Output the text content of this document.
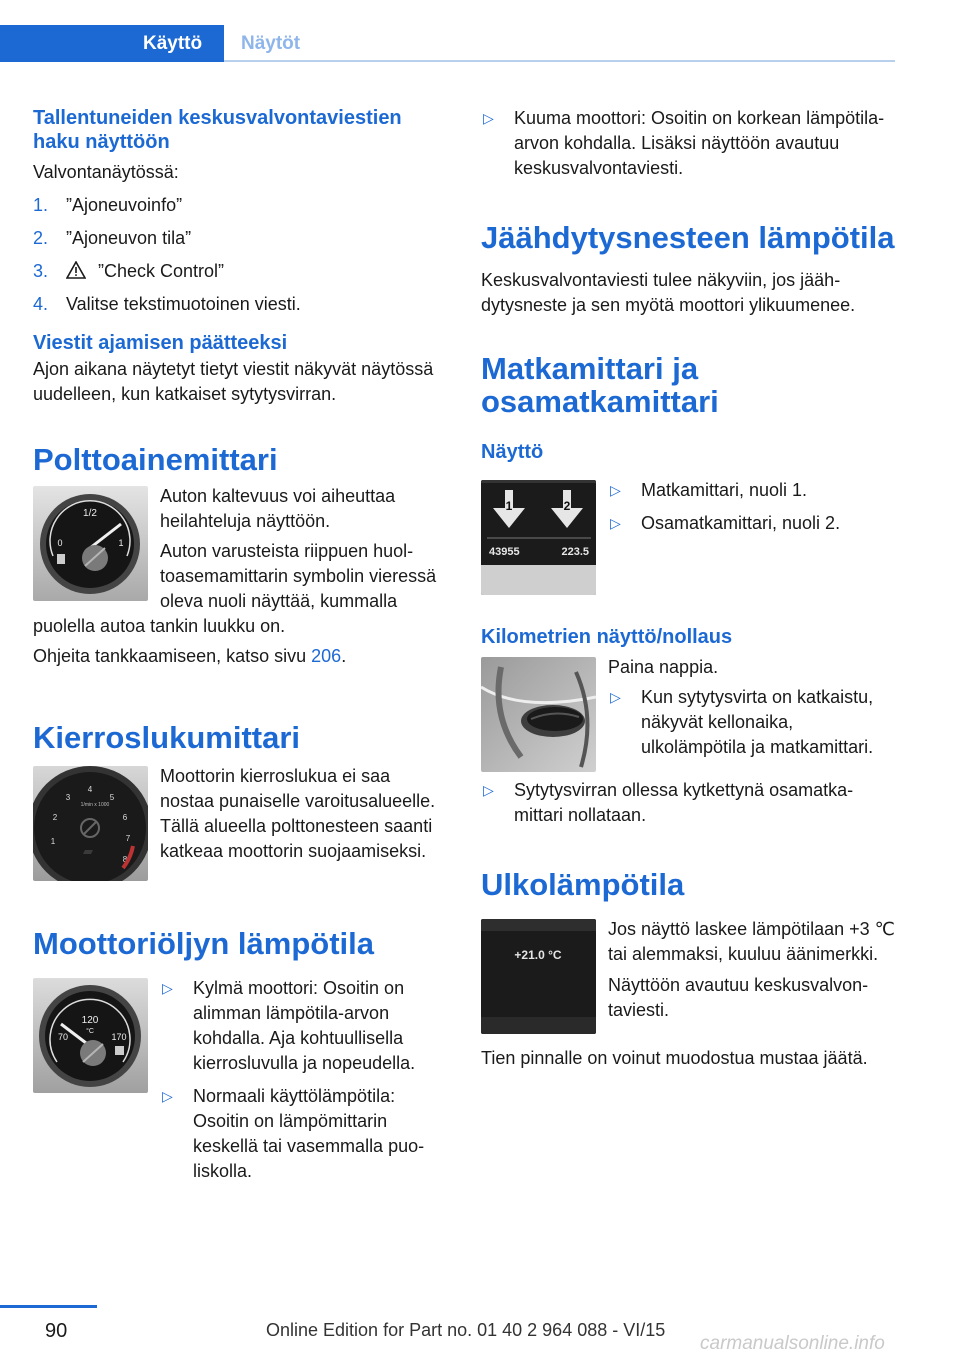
Käyttö	Näytöt
Tallentuneiden keskusvalvontaviestien haku näyttöön
Valvontanäytössä:
1. ”Ajoneuvoinfo”
2. ”Ajoneuvon tila”
3.	”Check Control”
4. Valitse tekstimuotoinen viesti.
Viestit ajamisen päätteeksi
Ajon aikana näytetyt tietyt viestit näkyvät näytössä uudelleen, kun katkaiset sytytysvirran.
Polttoainemittari
1/2
0	1
Auton kaltevuus voi aiheuttaa heilahteluja näyttöön.
Auton varusteista riippuen huoltoasemamittarin symbolin vieressä oleva nuoli näyttää, kummalla puolella autoa tankin luukku on.
Ohjeita tankkaamiseen, katso sivu 206.
Kierroslukumittari
2
3
4
5
6
7
8
1
1/min x 1000
Moottorin kierroslukua ei saa nostaa punaiselle varoitusalueelle. Tällä alueella polttonesteen saanti katkeaa moottorin suojaamiseksi.
Moottoriöljyn lämpötila
120
°C
70	170
▷ Kylmä moottori: Osoitin on alimman lämpötila-arvon kohdalla. Aja kohtuullisella kierrosluvulla ja nopeudella.
▷ Normaali käyttölämpötila: Osoitin on lämpömittarin keskellä tai vasemmalla puoliskolla.
▷ Kuuma moottori: Osoitin on korkean lämpötila-arvon kohdalla. Lisäksi näyttöön avautuu keskusvalvontaviesti.
Jäähdytysnesteen lämpötila
Keskusvalvontaviesti tulee näkyviin, jos jäähdytysneste ja sen myötä moottori ylikuumenee.
Matkamittari ja osamatkamittari
Näyttö
1	2
43955	223.5
▷ Matkamittari, nuoli 1.
▷ Osamatkamittari, nuoli 2.
Kilometrien näyttö/nollaus
Paina nappia.
▷ Kun sytytysvirta on katkaistu, näkyvät kellonaika, ulkolämpötila ja matkamittari.
▷ Sytytysvirran ollessa kytkettynä osamatkamittari nollataan.
Ulkolämpötila
+21.0 °C
Jos näyttö laskee lämpötilaan +3 ℃ tai alemmaksi, kuuluu äänimerkki.
Näyttöön avautuu keskusvalvontaviesti.
Tien pinnalle on voinut muodostua mustaa jäätä.
90	Online Edition for Part no. 01 40 2 964 088 - VI/15
carmanualsonline.info
